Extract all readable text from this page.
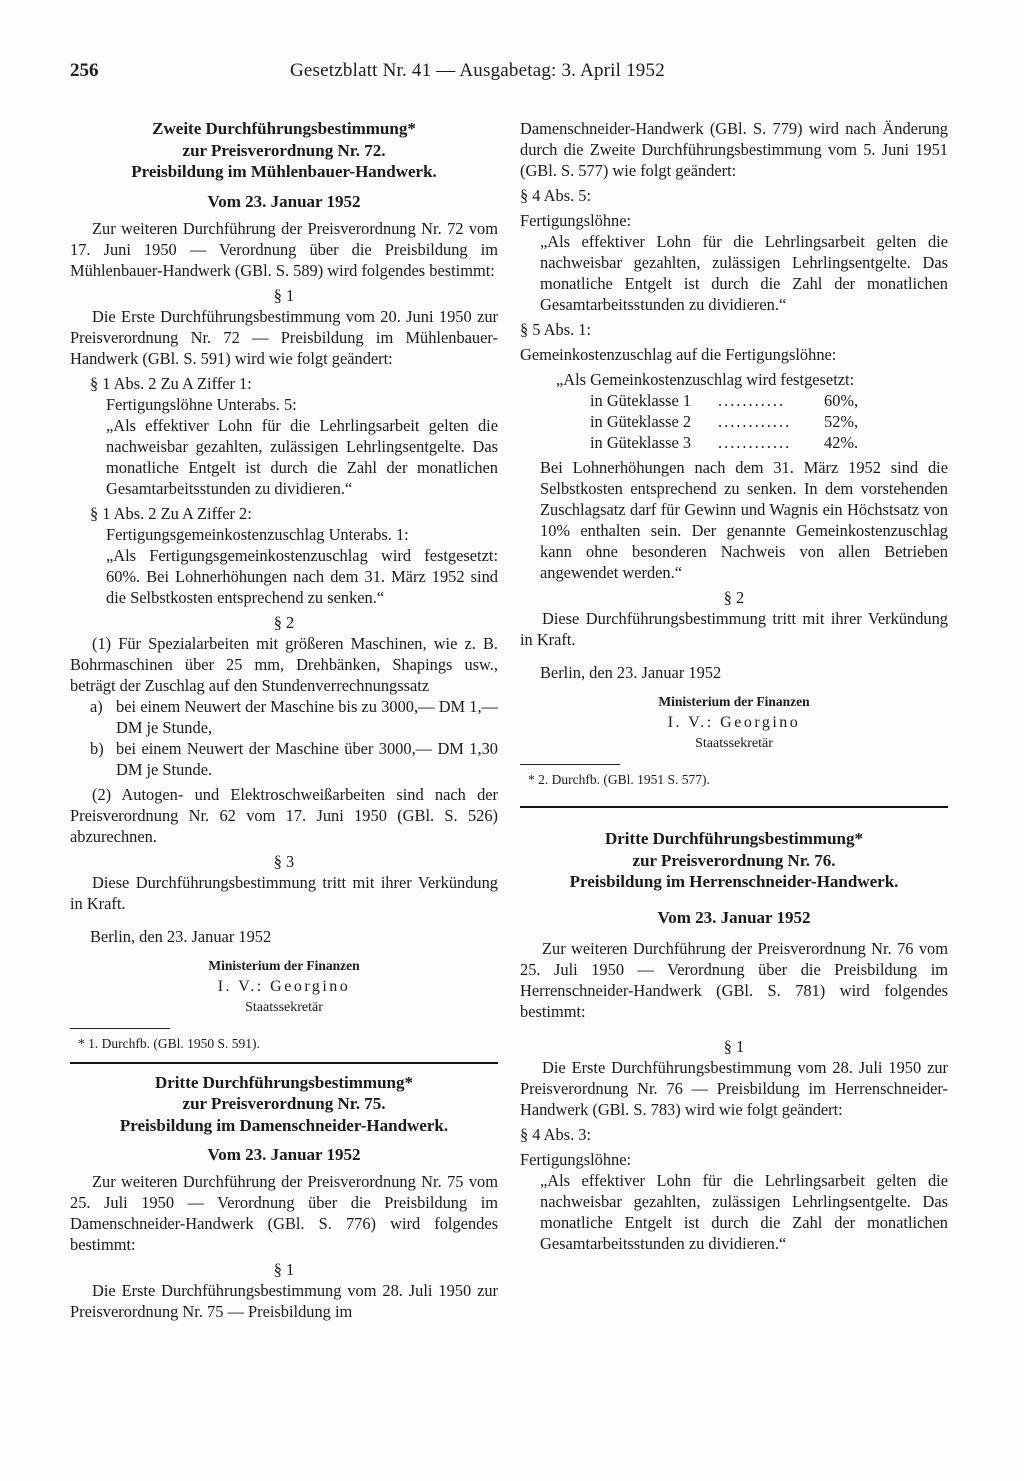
256	Gesetzblatt Nr. 41 — Ausgabetag: 3. April 1952

Zweite Durchführungsbestimmung*

zur Preisverordnung Nr. 72.

Preisbildung im Mühlenbauer-Handwerk.

Vom 23. Januar 1952

Zur weiteren Durchführung der Preisverordnung Nr. 72 vom 17. Juni 1950 — Verordnung über die Preisbildung im Mühlenbauer-Handwerk (GBl. S. 589) wird folgendes bestimmt:

§ 1

Die Erste Durchführungsbestimmung vom 20. Juni 1950 zur Preisverordnung Nr. 72 — Preisbildung im Mühlenbauer-Handwerk (GBl. S. 591) wird wie folgt geändert:

§ 1 Abs. 2 Zu A Ziffer 1:

Fertigungslöhne Unterabs. 5:

„Als effektiver Lohn für die Lehrlingsarbeit gelten die nachweisbar gezahlten, zulässigen Lehrlingsentgelte. Das monatliche Entgelt ist durch die Zahl der monatlichen Gesamtarbeitsstunden zu dividieren.“

§ 1 Abs. 2 Zu A Ziffer 2:

Fertigungsgemeinkostenzuschlag Unterabs. 1:

„Als Fertigungsgemeinkostenzuschlag wird festgesetzt: 60%. Bei Lohnerhöhungen nach dem 31. März 1952 sind die Selbstkosten entsprechend zu senken.“

§ 2

(1) Für Spezialarbeiten mit größeren Maschinen, wie z. B. Bohrmaschinen über 25 mm, Drehbänken, Shapings usw., beträgt der Zuschlag auf den Stundenverrechnungssatz

a) bei einem Neuwert der Maschine bis zu 3000,— DM 1,— DM je Stunde,
b) bei einem Neuwert der Maschine über 3000,— DM 1,30 DM je Stunde.

(2) Autogen- und Elektroschweißarbeiten sind nach der Preisverordnung Nr. 62 vom 17. Juni 1950 (GBl. S. 526) abzurechnen.

§ 3

Diese Durchführungsbestimmung tritt mit ihrer Verkündung in Kraft.

Berlin, den 23. Januar 1952

Ministerium der Finanzen

I. V.: Georgino

Staatssekretär

* 1. Durchfb. (GBl. 1950 S. 591).

Dritte Durchführungsbestimmung*

zur Preisverordnung Nr. 75.

Preisbildung im Damenschneider-Handwerk.

Vom 23. Januar 1952

Zur weiteren Durchführung der Preisverordnung Nr. 75 vom 25. Juli 1950 — Verordnung über die Preisbildung im Damenschneider-Handwerk (GBl. S. 776) wird folgendes bestimmt:

§ 1

Die Erste Durchführungsbestimmung vom 28. Juli 1950 zur Preisverordnung Nr. 75 — Preisbildung im

Damenschneider-Handwerk (GBl. S. 779) wird nach Änderung durch die Zweite Durchführungsbestimmung vom 5. Juni 1951 (GBl. S. 577) wie folgt geändert:

§ 4 Abs. 5:

Fertigungslöhne:

„Als effektiver Lohn für die Lehrlingsarbeit gelten die nachweisbar gezahlten, zulässigen Lehrlingsentgelte. Das monatliche Entgelt ist durch die Zahl der monatlichen Gesamtarbeitsstunden zu dividieren.“

§ 5 Abs. 1:

Gemeinkostenzuschlag auf die Fertigungslöhne:

„Als Gemeinkostenzuschlag wird festgesetzt:

in Güteklasse 1	...........	60%,
in Güteklasse 2	............	52%,
in Güteklasse 3	............	42%.

Bei Lohnerhöhungen nach dem 31. März 1952 sind die Selbstkosten entsprechend zu senken. In dem vorstehenden Zuschlagsatz darf für Gewinn und Wagnis ein Höchstsatz von 10% enthalten sein. Der genannte Gemeinkostenzuschlag kann ohne besonderen Nachweis von allen Betrieben angewendet werden.“

§ 2

Diese Durchführungsbestimmung tritt mit ihrer Verkündung in Kraft.

Berlin, den 23. Januar 1952

Ministerium der Finanzen

I. V.: Georgino

Staatssekretär

* 2. Durchfb. (GBl. 1951 S. 577).

Dritte Durchführungsbestimmung*

zur Preisverordnung Nr. 76.

Preisbildung im Herrenschneider-Handwerk.

Vom 23. Januar 1952

Zur weiteren Durchführung der Preisverordnung Nr. 76 vom 25. Juli 1950 — Verordnung über die Preisbildung im Herrenschneider-Handwerk (GBl. S. 781) wird folgendes bestimmt:

§ 1

Die Erste Durchführungsbestimmung vom 28. Juli 1950 zur Preisverordnung Nr. 76 — Preisbildung im Herrenschneider-Handwerk (GBl. S. 783) wird wie folgt geändert:

§ 4 Abs. 3:

Fertigungslöhne:

„Als effektiver Lohn für die Lehrlingsarbeit gelten die nachweisbar gezahlten, zulässigen Lehrlingsentgelte. Das monatliche Entgelt ist durch die Zahl der monatlichen Gesamtarbeitsstunden zu dividieren.“
